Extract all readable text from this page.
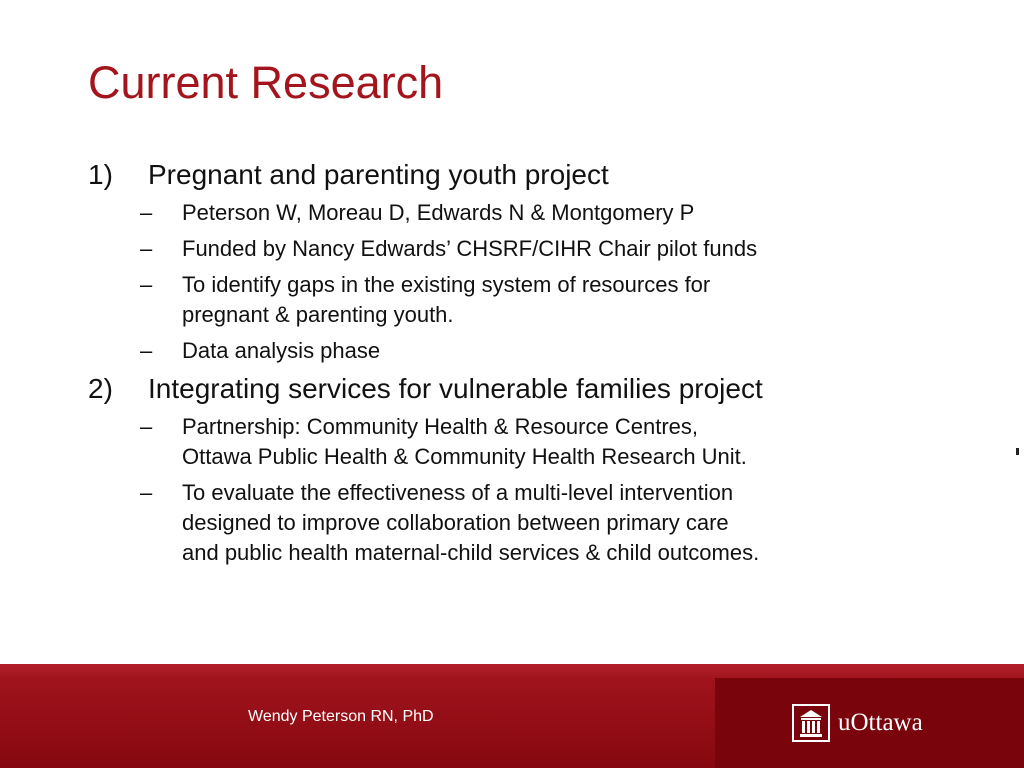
Current Research
1)	Pregnant and parenting youth project
–	Peterson W, Moreau D, Edwards N & Montgomery P
–	Funded by Nancy Edwards’ CHSRF/CIHR Chair pilot funds
–	To identify gaps in the existing system of resources for
pregnant & parenting youth.
–	Data analysis phase
2)	Integrating services for vulnerable families project
–	Partnership: Community Health & Resource Centres,
Ottawa Public Health & Community Health Research Unit.
–	To evaluate the effectiveness of a multi-level intervention
designed to improve collaboration between primary care
and public health maternal-child services & child outcomes.
Wendy Peterson RN, PhD	uOttawa
